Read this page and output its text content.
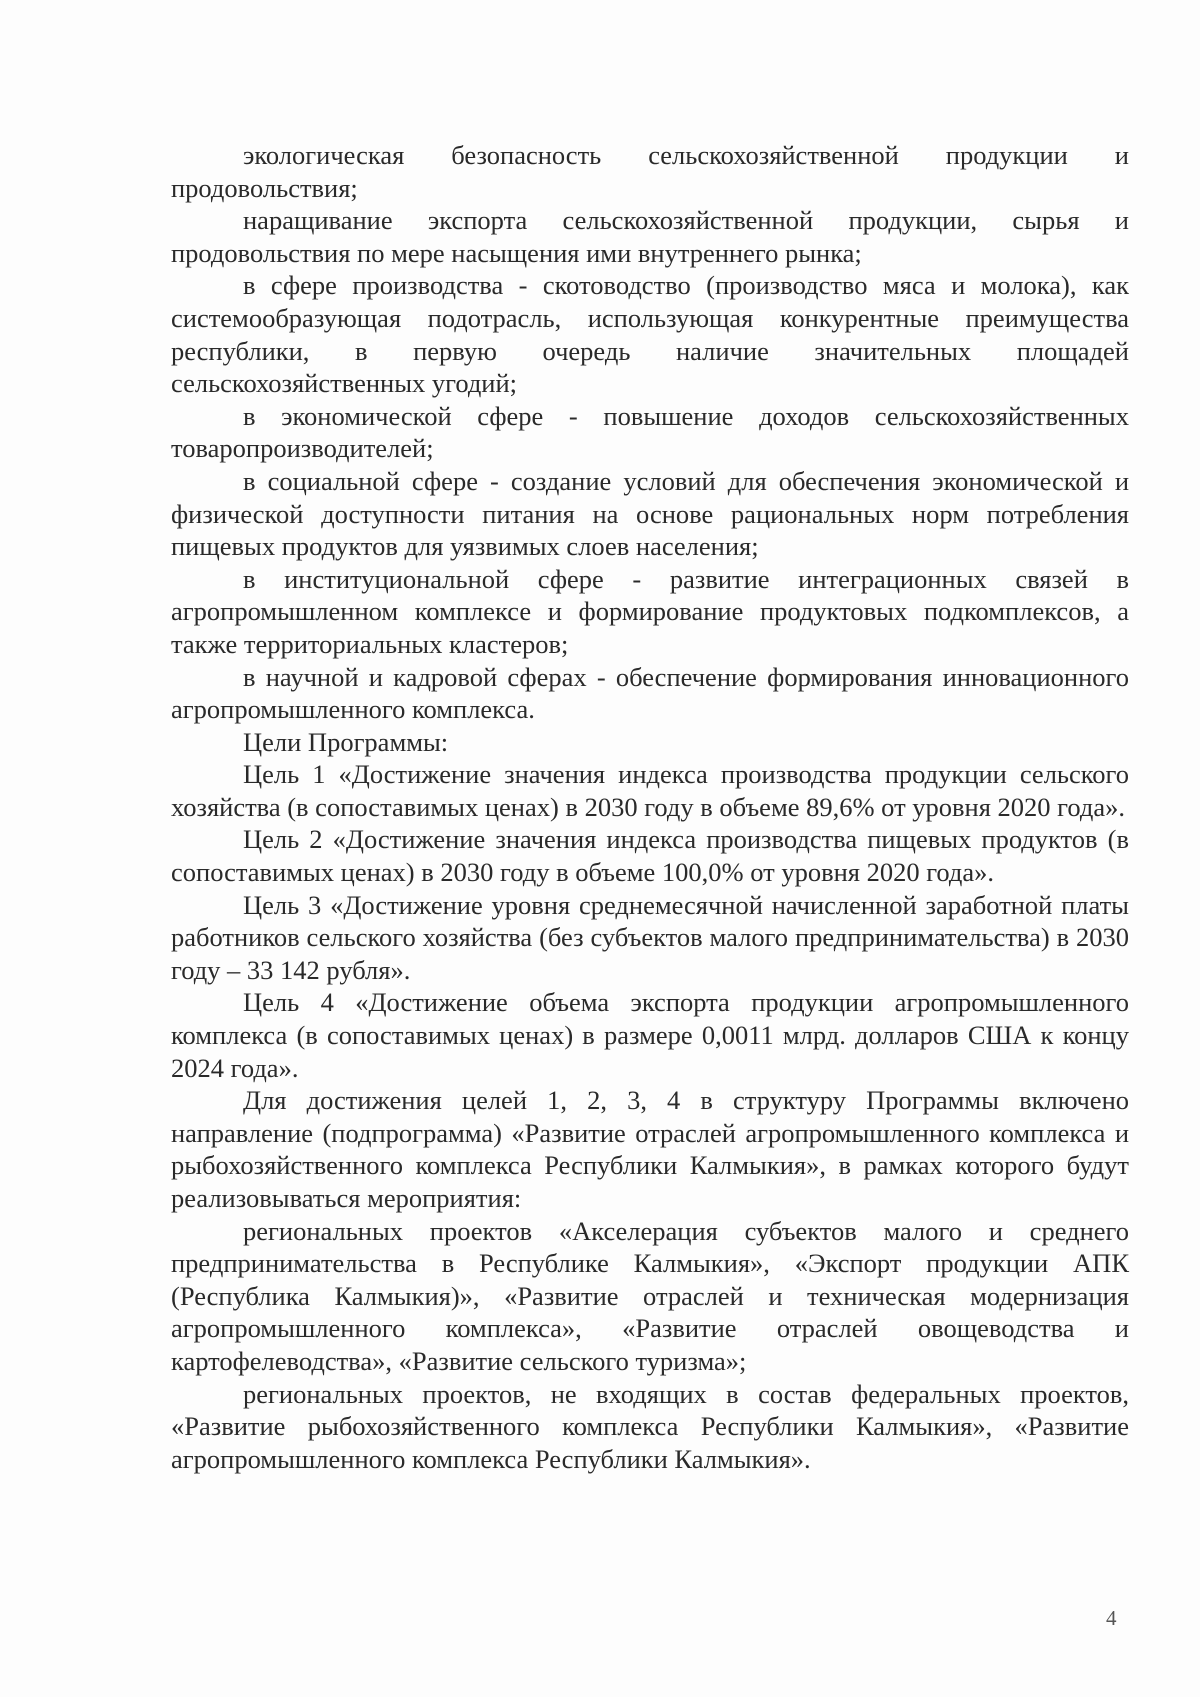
экологическая безопасность сельскохозяйственной продукции и продовольствия;

наращивание экспорта сельскохозяйственной продукции, сырья и продовольствия по мере насыщения ими внутреннего рынка;

в сфере производства - скотоводство (производство мяса и молока), как системообразующая подотрасль, использующая конкурентные преимущества республики, в первую очередь наличие значительных площадей сельскохозяйственных угодий;

в экономической сфере - повышение доходов сельскохозяйственных товаропроизводителей;

в социальной сфере - создание условий для обеспечения экономической и физической доступности питания на основе рациональных норм потребления пищевых продуктов для уязвимых слоев населения;

в институциональной сфере - развитие интеграционных связей в агропромышленном комплексе и формирование продуктовых подкомплексов, а также территориальных кластеров;

в научной и кадровой сферах - обеспечение формирования инновационного агропромышленного комплекса.

Цели Программы:

Цель 1 «Достижение значения индекса производства продукции сельского хозяйства (в сопоставимых ценах) в 2030 году в объеме 89,6% от уровня 2020 года».

Цель 2 «Достижение значения индекса производства пищевых продуктов (в сопоставимых ценах) в 2030 году в объеме 100,0% от уровня 2020 года».

Цель 3 «Достижение уровня среднемесячной начисленной заработной платы работников сельского хозяйства (без субъектов малого предпринимательства) в 2030 году – 33 142 рубля».

Цель 4 «Достижение объема экспорта продукции агропромышленного комплекса (в сопоставимых ценах) в размере 0,0011 млрд. долларов США к концу 2024 года».

Для достижения целей 1, 2, 3, 4 в структуру Программы включено направление (подпрограмма) «Развитие отраслей агропромышленного комплекса и рыбохозяйственного комплекса Республики Калмыкия», в рамках которого будут реализовываться мероприятия:

региональных проектов «Акселерация субъектов малого и среднего предпринимательства в Республике Калмыкия», «Экспорт продукции АПК (Республика Калмыкия)», «Развитие отраслей и техническая модернизация агропромышленного комплекса», «Развитие отраслей овощеводства и картофелеводства», «Развитие сельского туризма»;

региональных проектов, не входящих в состав федеральных проектов, «Развитие рыбохозяйственного комплекса Республики Калмыкия», «Развитие агропромышленного комплекса Республики Калмыкия».

4
